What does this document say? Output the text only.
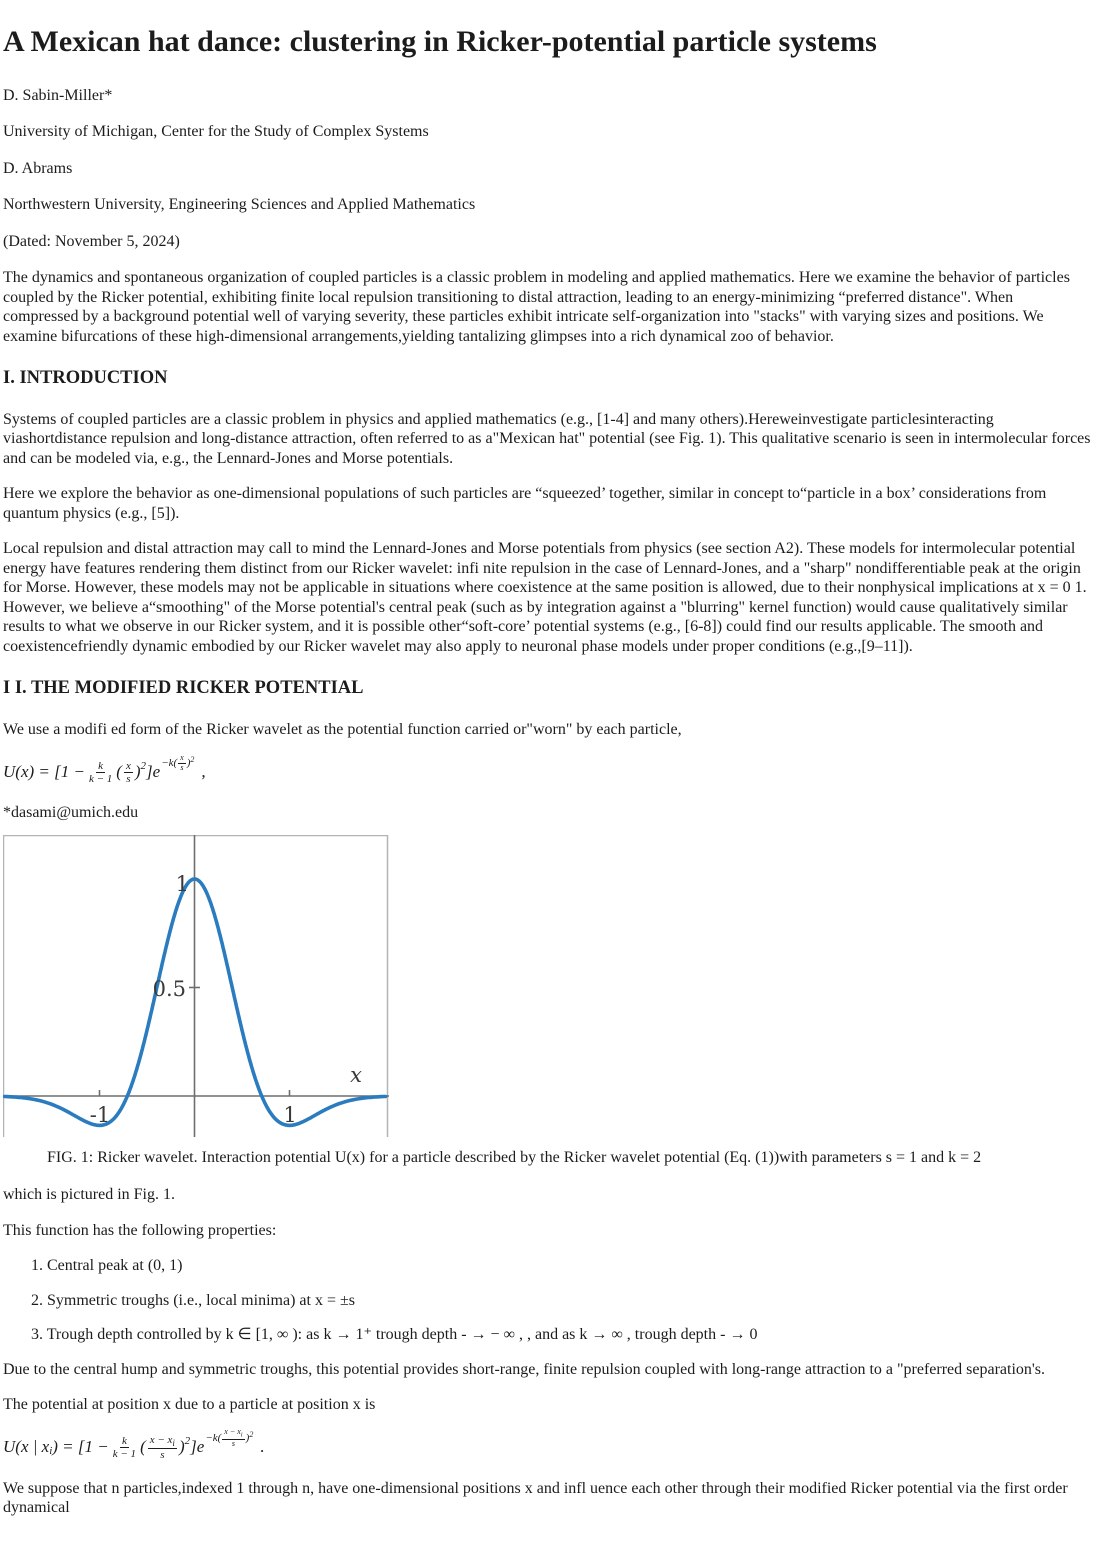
A Mexican hat dance: clustering in Ricker-potential particle systems

D. Sabin-Miller*

University of Michigan, Center for the Study of Complex Systems

D. Abrams

Northwestern University, Engineering Sciences and Applied Mathematics

(Dated: November 5, 2024)

The dynamics and spontaneous organization of coupled particles is a classic problem in modeling and applied mathematics. Here we examine the behavior of particles coupled by the Ricker potential, exhibiting finite local repulsion transitioning to distal attraction, leading to an energy-minimizing “preferred distance". When compressed by a background potential well of varying severity, these particles exhibit intricate self-organization into "stacks" with varying sizes and positions. We examine bifurcations of these high-dimensional arrangements,yielding tantalizing glimpses into a rich dynamical zoo of behavior.

I. INTRODUCTION

Systems of coupled particles are a classic problem in physics and applied mathematics (e.g., [1-4] and many others).Hereweinvestigate particlesinteracting viashortdistance repulsion and long-distance attraction, often referred to as a"Mexican hat" potential (see Fig. 1). This qualitative scenario is seen in intermolecular forces and can be modeled via, e.g., the Lennard-Jones and Morse potentials.

Here we explore the behavior as one-dimensional populations of such particles are “squeezed’ together, similar in concept to“particle in a box’ considerations from quantum physics (e.g., [5]).

Local repulsion and distal attraction may call to mind the Lennard-Jones and Morse potentials from physics (see section A2). These models for intermolecular potential energy have features rendering them distinct from our Ricker wavelet: infi nite repulsion in the case of Lennard-Jones, and a "sharp" nondifferentiable peak at the origin for Morse. However, these models may not be applicable in situations where coexistence at the same position is allowed, due to their nonphysical implications at x = 0 1. However, we believe a“smoothing" of the Morse potential's central peak (such as by integration against a "blurring" kernel function) would cause qualitatively similar results to what we observe in our Ricker system, and it is possible other“soft-core’ potential systems (e.g., [6-8]) could find our results applicable. The smooth and coexistencefriendly dynamic embodied by our Ricker wavelet may also apply to neuronal phase models under proper conditions (e.g.,[9–11]).

I I. THE MODIFIED RICKER POTENTIAL

We use a modifi ed form of the Ricker wavelet as the potential function carried or"worn" by each particle,

$U(x) = [1 - \frac{k}{k - 1}$ ( $\frac{x}{s}$ ) 2 ]$e -k( \frac{x}{s}$ ) 2
,

*dasami@umich.edu

1
0.5
-1	1
x

FIG. 1: Ricker wavelet. Interaction potential U(x) for a particle described by the Ricker wavelet potential (Eq. (1))with parameters s = 1 and k = 2

which is pictured in Fig. 1.

This function has the following properties:

1. Central peak at (0, 1)

2. Symmetric troughs (i.e., local minima) at x = ±s

3. Trough depth controlled by k ∈ [1, ∞ ): as k → 1⁺ trough depth - → − ∞ , , and as k → ∞ , trough depth - → 0

Due to the central hump and symmetric troughs, this potential provides short-range, finite repulsion coupled with long-range attraction to a "preferred separation's.

The potential at position x due to a particle at position x is

U(x | x i ) = [$1 - \frac{k}{k - 1}$ ( $\frac{x - x_i}{s}$ ) 2 ]$e -k( \frac{x - x_i}{s}$ ) 2
.

We suppose that n particles,indexed 1 through n, have one-dimensional positions x and infl uence each other through their modified Ricker potential via the first order dynamical
